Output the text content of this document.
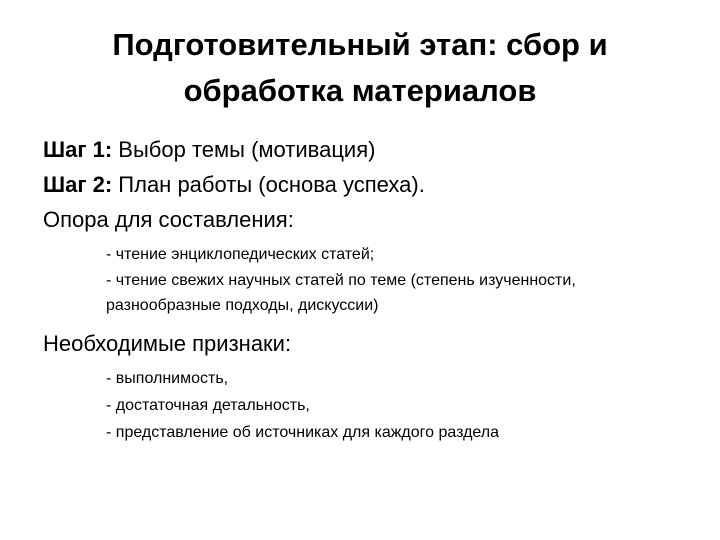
Подготовительный этап: сбор и
обработка материалов
Шаг 1: Выбор темы (мотивация)
Шаг 2: План работы (основа успеха).
Опора для составления:
- чтение энциклопедических статей;
- чтение свежих научных статей по теме (степень изученности, разнообразные подходы, дискуссии)
Необходимые признаки:
- выполнимость,
- достаточная детальность,
- представление об источниках для каждого раздела
